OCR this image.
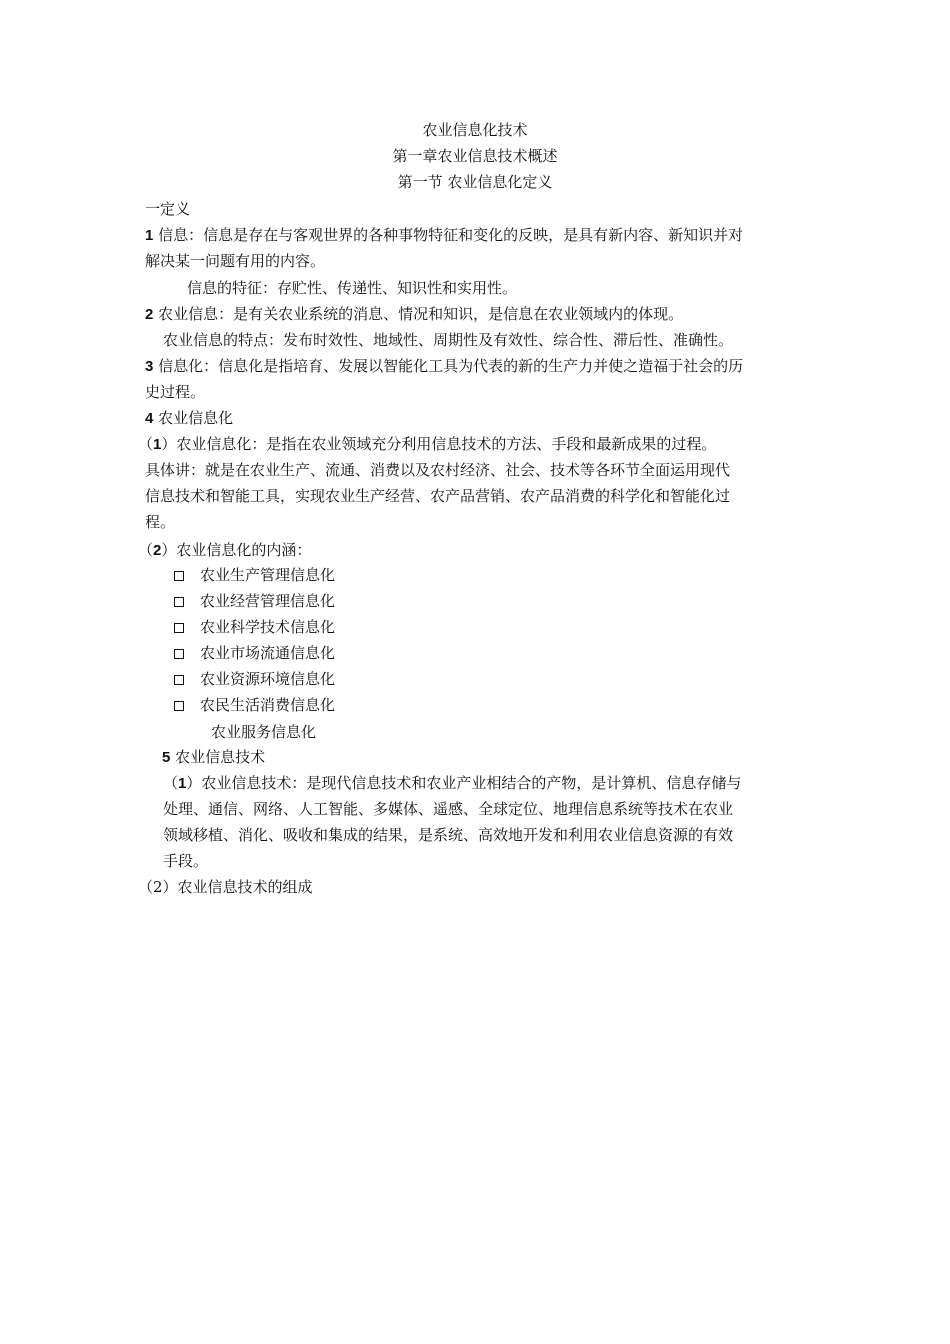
农业信息化技术
第一章农业信息技术概述
第一节 农业信息化定义
一定义
1 信息：信息是存在与客观世界的各种事物特征和变化的反映，是具有新内容、新知识并对
解决某一问题有用的内容。
信息的特征：存贮性、传递性、知识性和实用性。
2 农业信息：是有关农业系统的消息、情况和知识，是信息在农业领域内的体现。
农业信息的特点：发布时效性、地域性、周期性及有效性、综合性、滞后性、准确性。
3 信息化：信息化是指培育、发展以智能化工具为代表的新的生产力并使之造福于社会的历
史过程。
4 农业信息化
（1）农业信息化：是指在农业领域充分利用信息技术的方法、手段和最新成果的过程。
具体讲：就是在农业生产、流通、消费以及农村经济、社会、技术等各环节全面运用现代
信息技术和智能工具，实现农业生产经营、农产品营销、农产品消费的科学化和智能化过
程。
（2）农业信息化的内涵：
农业生产管理信息化
农业经营管理信息化
农业科学技术信息化
农业市场流通信息化
农业资源环境信息化
农民生活消费信息化
农业服务信息化
5 农业信息技术
（1）农业信息技术：是现代信息技术和农业产业相结合的产物，是计算机、信息存储与
处理、通信、网络、人工智能、多媒体、遥感、全球定位、地理信息系统等技术在农业
领域移植、消化、吸收和集成的结果，是系统、高效地开发和利用农业信息资源的有效
手段。
（2）农业信息技术的组成
